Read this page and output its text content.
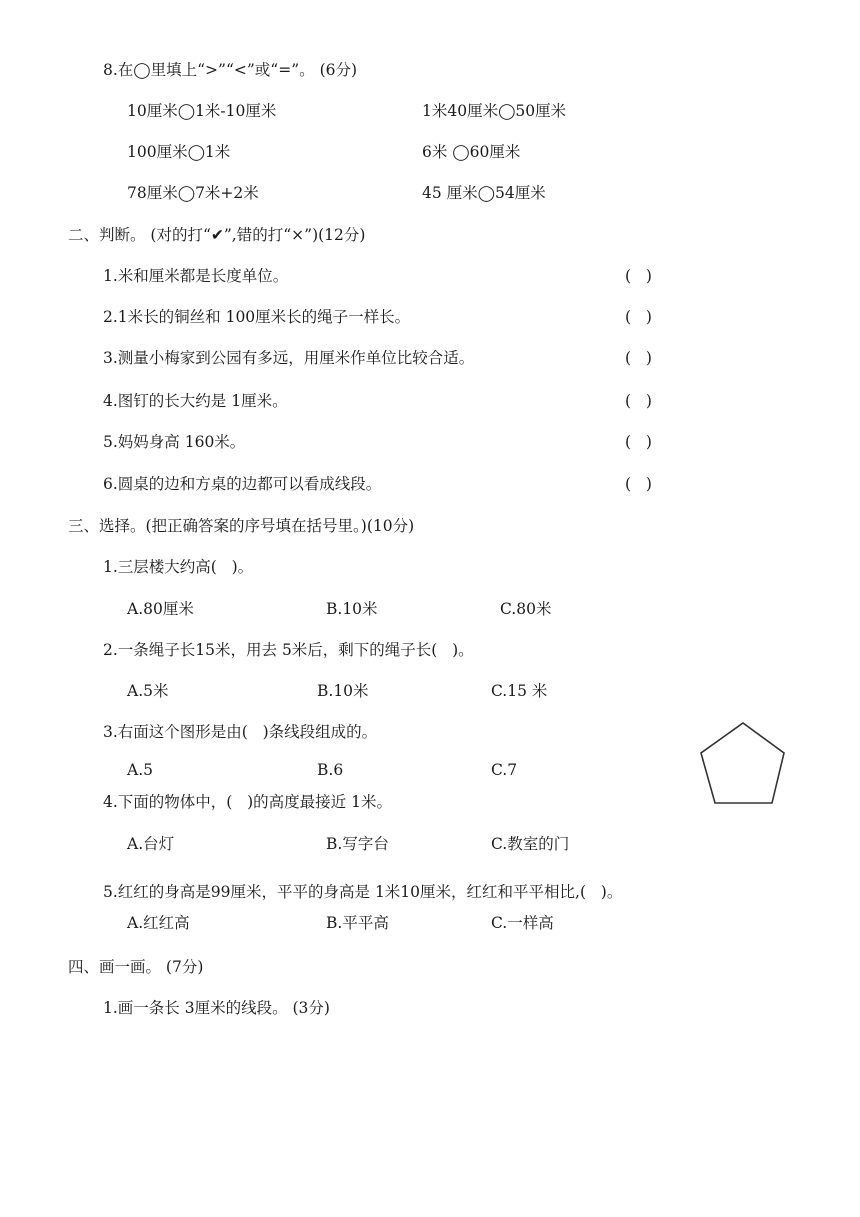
8.在◯里填上“>”“<”或“=”。 (6分)
10厘米◯1米-10厘米	1米40厘米◯50厘米
100厘米◯1米	6米 ◯60厘米
78厘米◯7米+2米	45 厘米◯54厘米
二、判断。 (对的打“✔”,错的打“×”)(12分)
1.米和厘米都是长度单位。	(   )
2.1米长的铜丝和 100厘米长的绳子一样长。	(   )
3.测量小梅家到公园有多远，用厘米作单位比较合适。	(   )
4.图钉的长大约是 1厘米。	(   )
5.妈妈身高 160米。	(   )
6.圆桌的边和方桌的边都可以看成线段。	(   )
三、选择。(把正确答案的序号填在括号里。)(10分)
1.三层楼大约高(   )。
A.80厘米	B.10米	C.80米
2.一条绳子长15米，用去 5米后，剩下的绳子长(   )。
A.5米	B.10米	C.15 米
3.右面这个图形是由(   )条线段组成的。
A.5	B.6	C.7
4.下面的物体中，(   )的高度最接近 1米。
A.台灯	B.写字台	C.教室的门
5.红红的身高是99厘米，平平的身高是 1米10厘米，红红和平平相比,(   )。
A.红红高	B.平平高	C.一样高
四、画一画。 (7分)
1.画一条长 3厘米的线段。 (3分)
